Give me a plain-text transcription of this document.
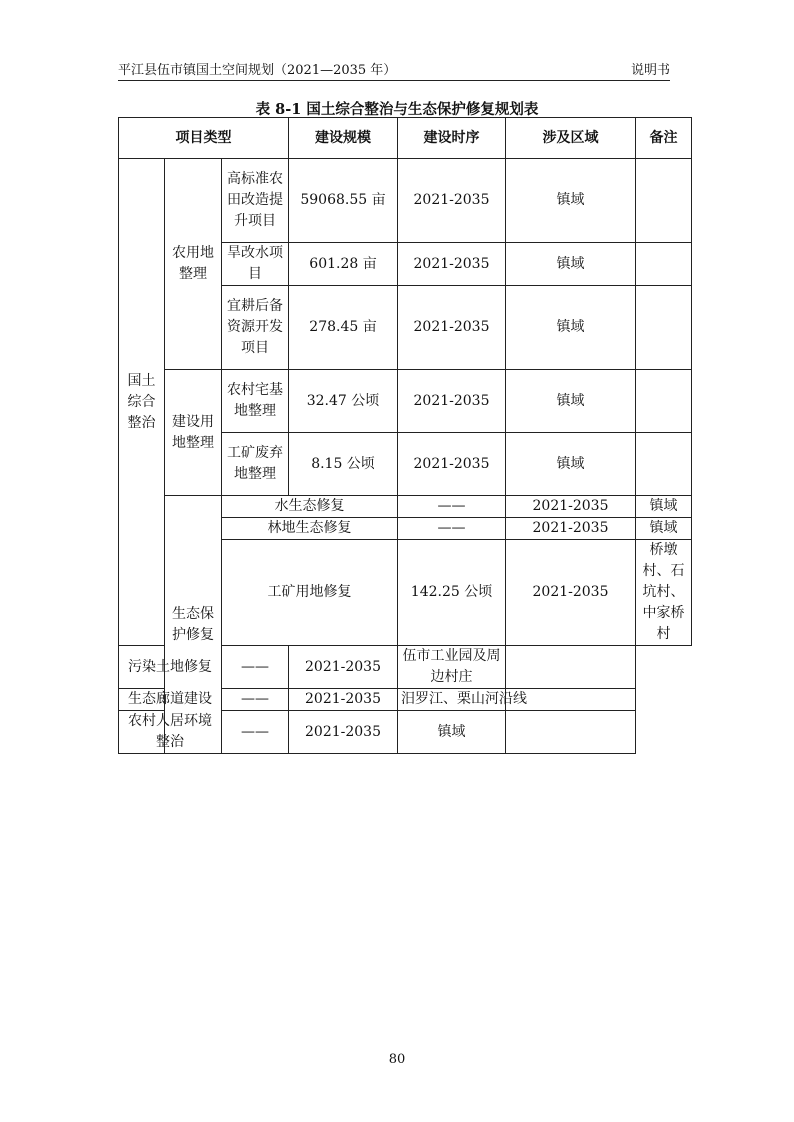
平江县伍市镇国土空间规划（2021—2035 年）	说明书
表 8-1 国土综合整治与生态保护修复规划表
项目类型			建设规模	建设时序	涉及区域	备注	
国土综合整治	农用地整理	高标准农田改造提升项目	59068.55 亩	2021-2035	镇域		
		旱改水项目	601.28 亩	2021-2035	镇域		
		宜耕后备资源开发项目	278.45 亩	2021-2035	镇域		
	建设用地整理	农村宅基地整理	32.47 公顷	2021-2035	镇域		
		工矿废弃地整理	8.15 公顷	2021-2035	镇域		
	生态保护修复	水生态修复		——	2021-2035	镇域	
		林地生态修复		——	2021-2035	镇域	
		工矿用地修复		142.25 公顷	2021-2035	桥墩村、石坑村、中家桥村	
污染土地修复		——	2021-2035	伍市工业园及周边村庄			
生态廊道建设		——	2021-2035	汨罗江、栗山河沿线			
农村人居环境整治		——	2021-2035	镇域			
80
